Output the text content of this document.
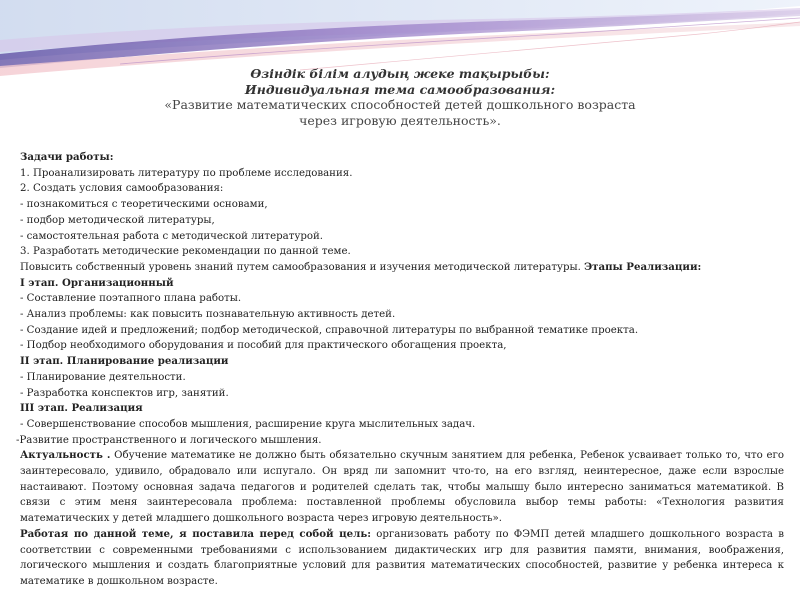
Өзіндік білім алудың жеке тақырыбы:
Индивидуальная тема самообразования:
«Развитие математических способностей детей дошкольного возраста
через игровую деятельность».

Задачи работы:

1. Проанализировать литературу по проблеме исследования.

2. Создать условия самообразования:

- познакомиться с теоретическими основами,

- подбор методической литературы,

- самостоятельная работа с методической литературой.

3. Разработать методические рекомендации по данной теме.

Повысить собственный уровень знаний путем самообразования и изучения методической литературы. Этапы Реализации:

I этап. Организационный

- Составление поэтапного плана работы.

- Анализ проблемы: как повысить познавательную активность детей.

- Создание идей и предложений; подбор методической, справочной литературы по выбранной тематике проекта.

- Подбор необходимого оборудования и пособий для практического обогащения проекта,

II этап. Планирование реализации

- Планирование деятельности.

- Разработка конспектов игр, занятий.

III этап. Реализация

- Совершенствование способов мышления, расширение круга мыслительных задач.

-Развитие пространственного и логического мышления.

Актуальность . Обучение математике не должно быть обязательно скучным занятием для ребенка, Ребенок усваивает только то, что его заинтересовало, удивило, обрадовало или испугало. Он вряд ли запомнит что-то, на его взгляд, неинтересное, даже если взрослые настаивают. Поэтому основная задача педагогов и родителей сделать так, чтобы малышу было интересно заниматься математикой. В связи с этим меня заинтересовала проблема: поставленной проблемы обусловила выбор темы работы: «Технология развития математических у детей младшего дошкольного возраста через игровую деятельность».

Работая по данной теме, я поставила перед собой цель: организовать работу по ФЭМП детей младшего дошкольного возраста в соответствии с современными требованиями с использованием дидактических игр для развития памяти, внимания, воображения, логического мышления и создать благоприятные условий для развития математических способностей, развитие у ребенка интереса к математике в дошкольном возрасте.
